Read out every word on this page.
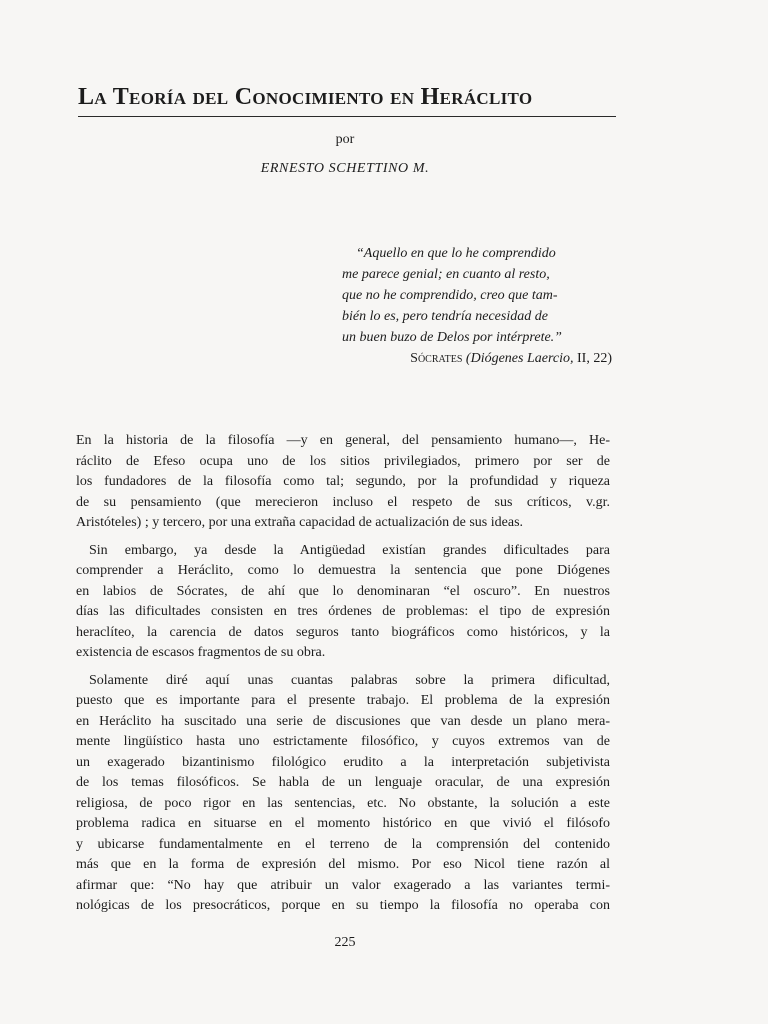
La Teoría del Conocimiento en Heráclito
por
ERNESTO SCHETTINO M.
“Aquello en que lo he comprendido
me parece genial; en cuanto al resto,
que no he comprendido, creo que tam-
bién lo es, pero tendría necesidad de
un buen buzo de Delos por intérprete.”
Sócrates (Diógenes Laercio, II, 22)

En la historia de la filosofía —y en general, del pensamiento humano—, He-
ráclito de Efeso ocupa uno de los sitios privilegiados, primero por ser de
los fundadores de la filosofía como tal; segundo, por la profundidad y riqueza
de su pensamiento (que merecieron incluso el respeto de sus críticos, v.gr.
Aristóteles) ; y tercero, por una extraña capacidad de actualización de sus ideas.

Sin embargo, ya desde la Antigüedad existían grandes dificultades para
comprender a Heráclito, como lo demuestra la sentencia que pone Diógenes
en labios de Sócrates, de ahí que lo denominaran “el oscuro”. En nuestros
días las dificultades consisten en tres órdenes de problemas: el tipo de expresión
heraclíteo, la carencia de datos seguros tanto biográficos como históricos, y la
existencia de escasos fragmentos de su obra.

Solamente diré aquí unas cuantas palabras sobre la primera dificultad,
puesto que es importante para el presente trabajo. El problema de la expresión
en Heráclito ha suscitado una serie de discusiones que van desde un plano mera-
mente lingüístico hasta uno estrictamente filosófico, y cuyos extremos van de
un exagerado bizantinismo filológico erudito a la interpretación subjetivista
de los temas filosóficos. Se habla de un lenguaje oracular, de una expresión
religiosa, de poco rigor en las sentencias, etc. No obstante, la solución a este
problema radica en situarse en el momento histórico en que vivió el filósofo
y ubicarse fundamentalmente en el terreno de la comprensión del contenido
más que en la forma de expresión del mismo. Por eso Nicol tiene razón al
afirmar que: “No hay que atribuir un valor exagerado a las variantes termi-
nológicas de los presocráticos, porque en su tiempo la filosofía no operaba con

225
